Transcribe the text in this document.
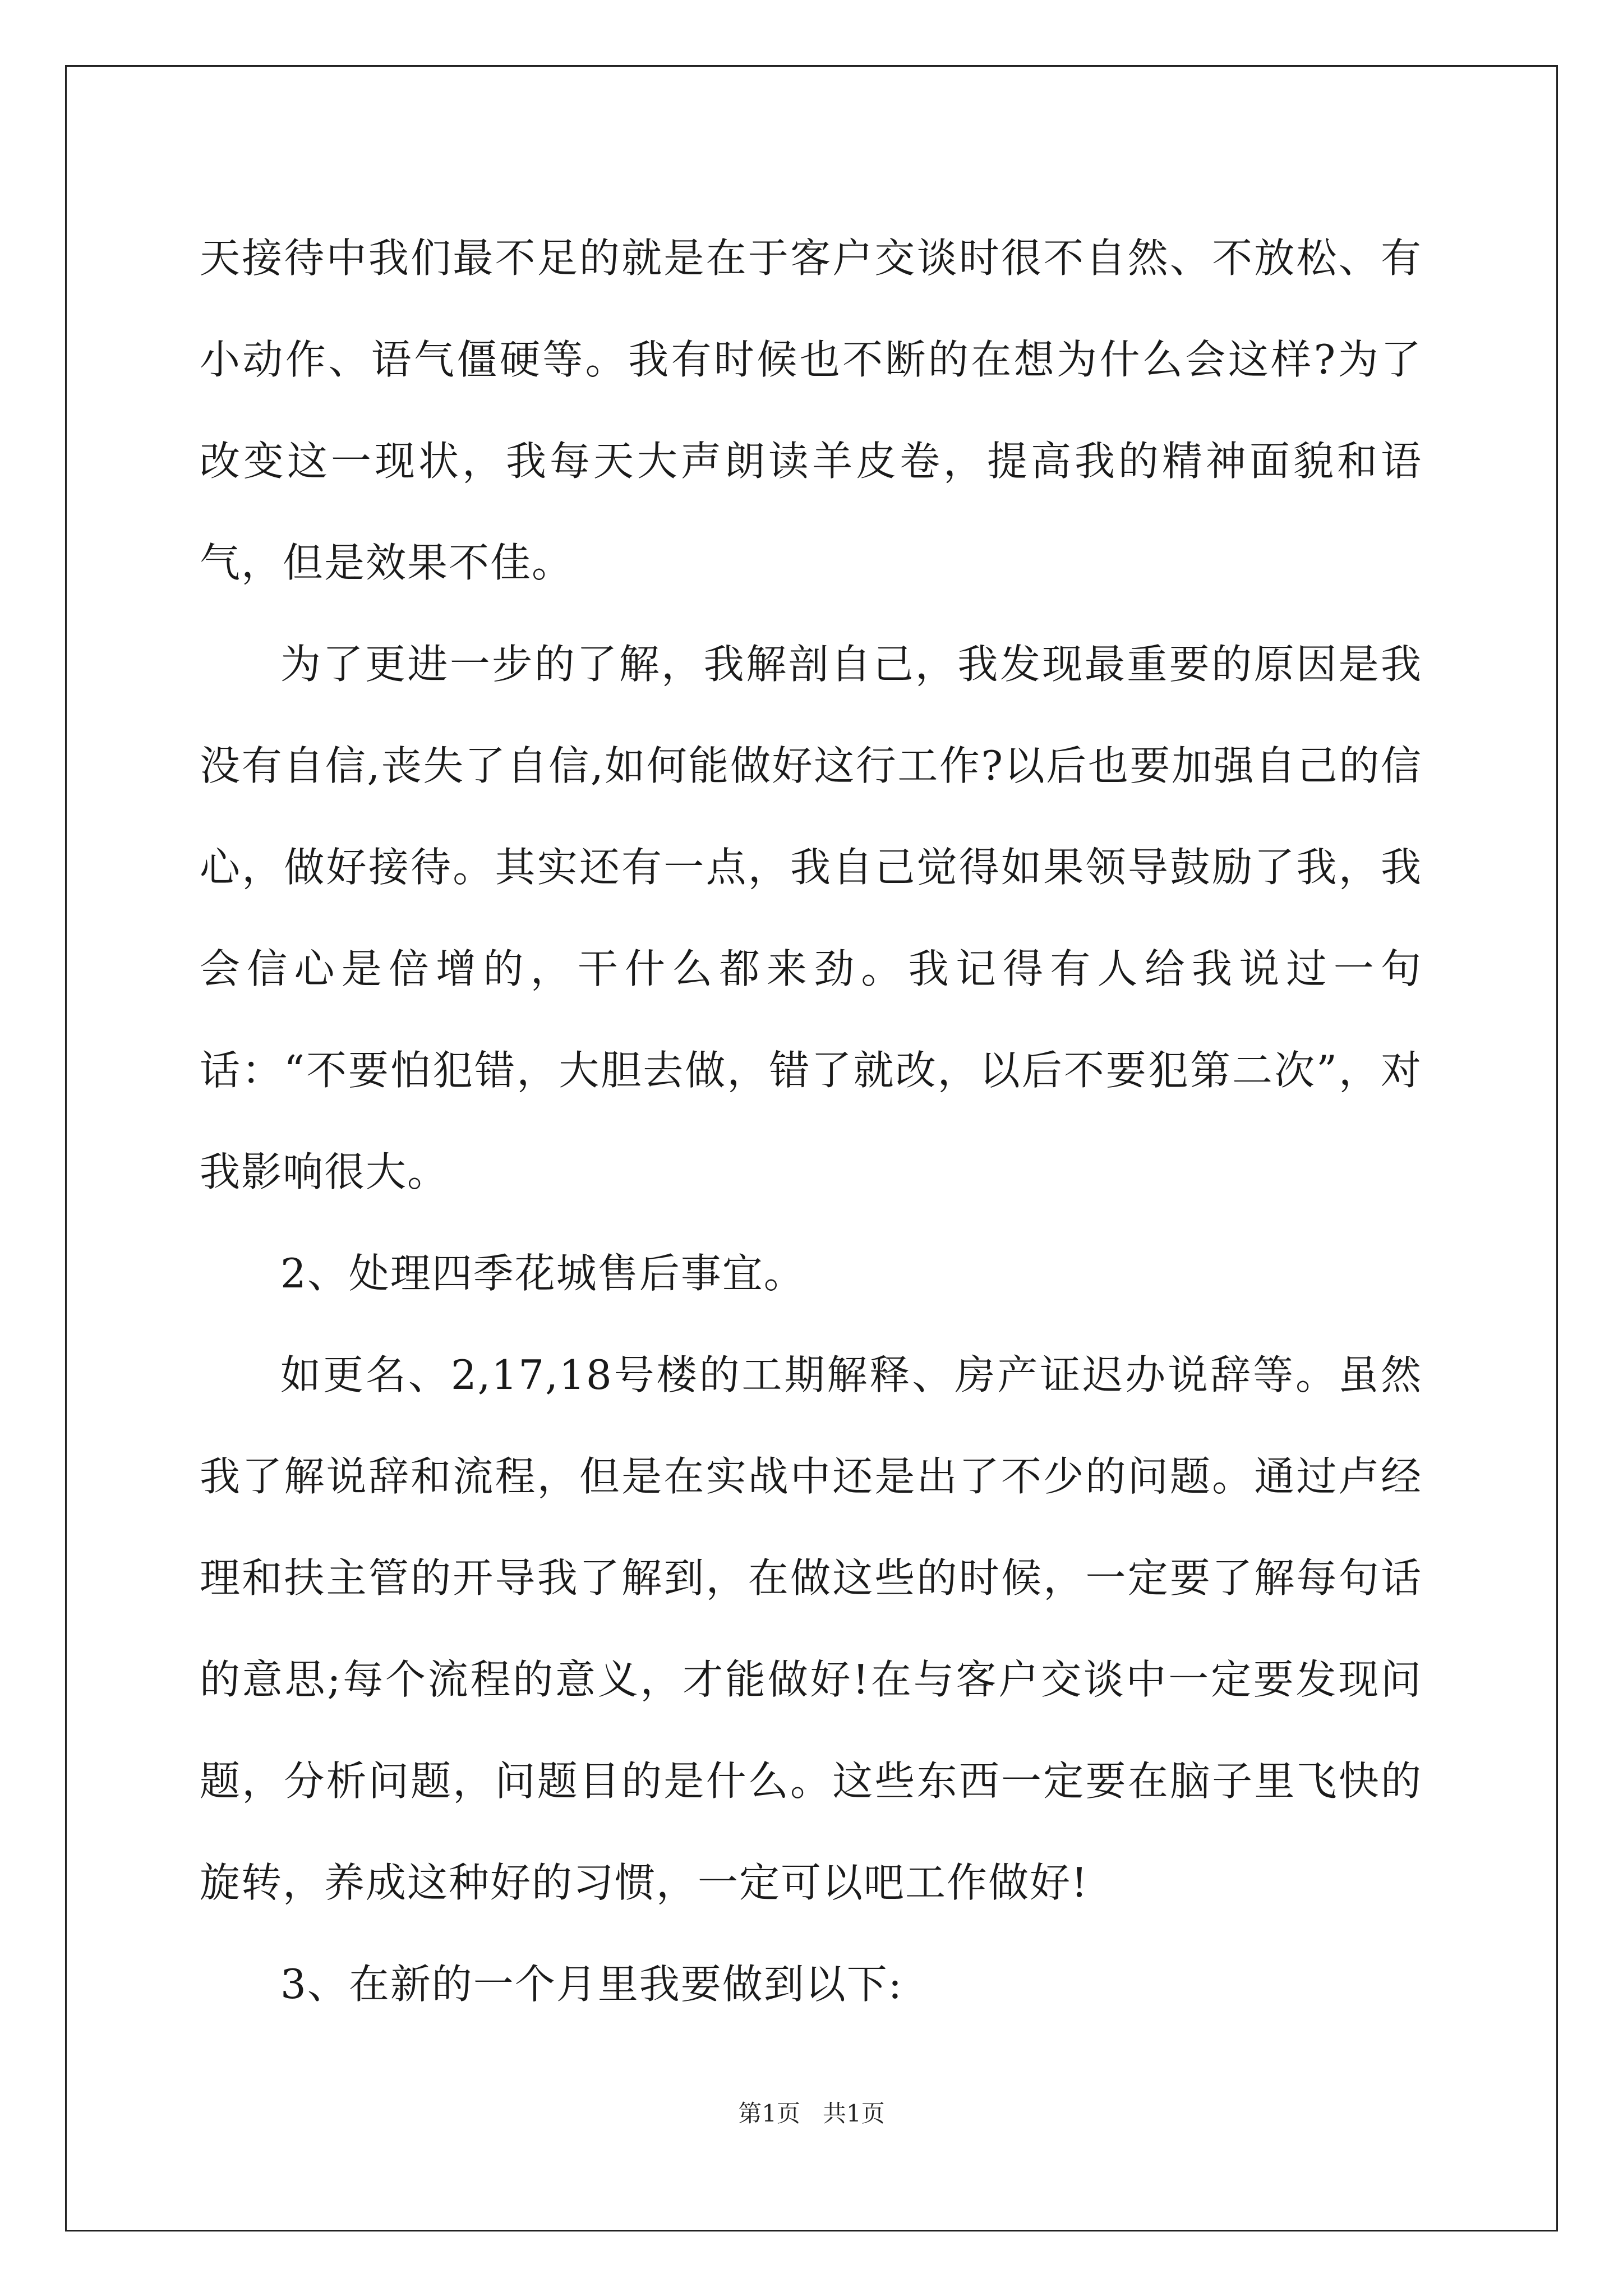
天接待中我们最不足的就是在于客户交谈时很不自然、不放松、有小动作、语气僵硬等。我有时候也不断的在想为什么会这样?为了改变这一现状，我每天大声朗读羊皮卷，提高我的精神面貌和语气，但是效果不佳。

为了更进一步的了解，我解剖自己，我发现最重要的原因是我没有自信,丧失了自信,如何能做好这行工作?以后也要加强自己的信心，做好接待。其实还有一点，我自己觉得如果领导鼓励了我，我会信心是倍增的，干什么都来劲。我记得有人给我说过一句话：“不要怕犯错，大胆去做，错了就改，以后不要犯第二次”，对我影响很大。

2、处理四季花城售后事宜。

如更名、2,17,18号楼的工期解释、房产证迟办说辞等。虽然我了解说辞和流程，但是在实战中还是出了不少的问题。通过卢经理和扶主管的开导我了解到，在做这些的时候，一定要了解每句话的意思;每个流程的意义，才能做好!在与客户交谈中一定要发现问题，分析问题，问题目的是什么。这些东西一定要在脑子里飞快的旋转，养成这种好的习惯，一定可以吧工作做好!

3、在新的一个月里我要做到以下:

第1页 共1页
